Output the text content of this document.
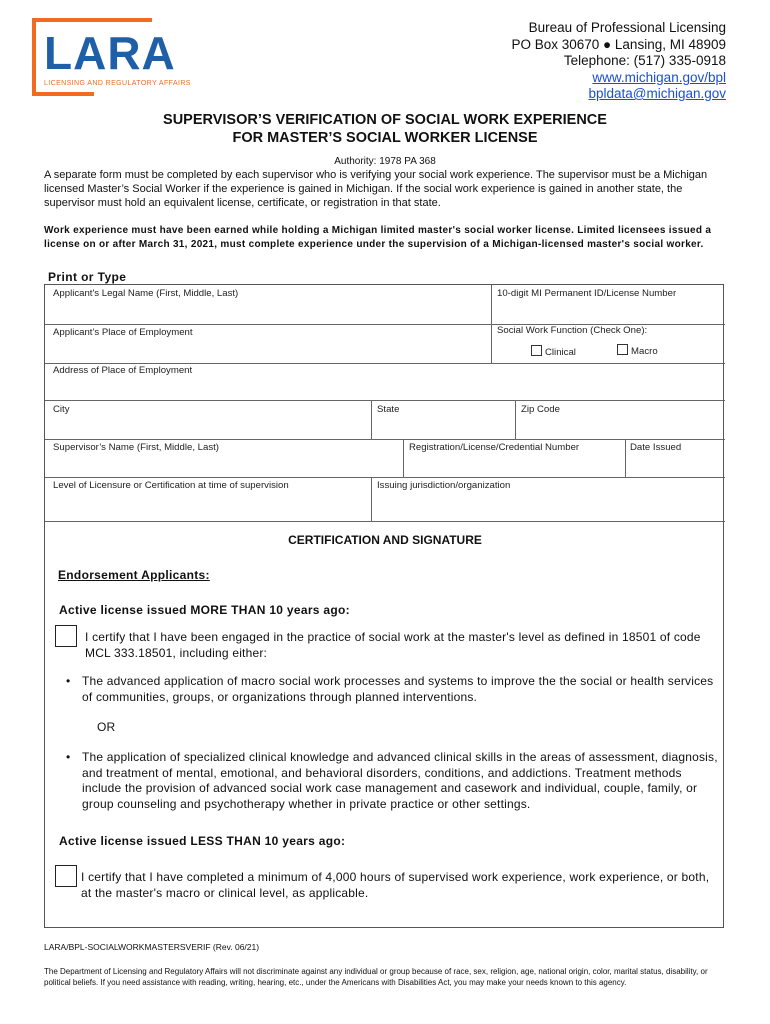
LARA
LICENSING AND REGULATORY AFFAIRS
Bureau of Professional Licensing
PO Box 30670 ● Lansing, MI 48909
Telephone: (517) 335-0918
www.michigan.gov/bpl
bpldata@michigan.gov
SUPERVISOR’S VERIFICATION OF SOCIAL WORK EXPERIENCE
FOR MASTER’S SOCIAL WORKER LICENSE
Authority: 1978 PA 368
A separate form must be completed by each supervisor who is verifying your social work experience. The supervisor must be a Michigan licensed Master’s Social Worker if the experience is gained in Michigan. If the social work experience is gained in another state, the supervisor must hold an equivalent license, certificate, or registration in that state.
Work experience must have been earned while holding a Michigan limited master's social worker license. Limited licensees issued a license on or after March 31, 2021, must complete experience under the supervision of a Michigan-licensed master's social worker.
Print or Type
Applicant's Legal Name (First, Middle, Last)	10-digit MI Permanent ID/License Number
Applicant’s Place of Employment	Social Work Function (Check One):
Clinical	Macro
Address of Place of Employment
City	State	Zip Code
Supervisor’s Name (First, Middle, Last)	Registration/License/Credential Number	Date Issued
Level of Licensure or Certification at time of supervision	Issuing jurisdiction/organization
CERTIFICATION AND SIGNATURE
Endorsement Applicants:
Active license issued MORE THAN 10 years ago:
I certify that I have been engaged in the practice of social work at the master's level as defined in 18501 of code
MCL 333.18501, including either:
• The advanced application of macro social work processes and systems to improve the the social or health services
of communities, groups, or organizations through planned interventions.
OR
• The application of specialized clinical knowledge and advanced clinical skills in the areas of assessment, diagnosis,
and treatment of mental, emotional, and behavioral disorders, conditions, and addictions. Treatment methods
include the provision of advanced social work case management and casework and individual, couple, family, or
group counseling and psychotherapy whether in private practice or other settings.
Active license issued LESS THAN 10 years ago:
I certify that I have completed a minimum of 4,000 hours of supervised work experience, work experience, or both,
at the master's macro or clinical level, as applicable.
LARA/BPL-SOCIALWORKMASTERSVERIF (Rev. 06/21)
The Department of Licensing and Regulatory Affairs will not discriminate against any individual or group because of race, sex, religion, age, national origin, color, marital status, disability, or political beliefs. If you need assistance with reading, writing, hearing, etc., under the Americans with Disabilities Act, you may make your needs known to this agency.
